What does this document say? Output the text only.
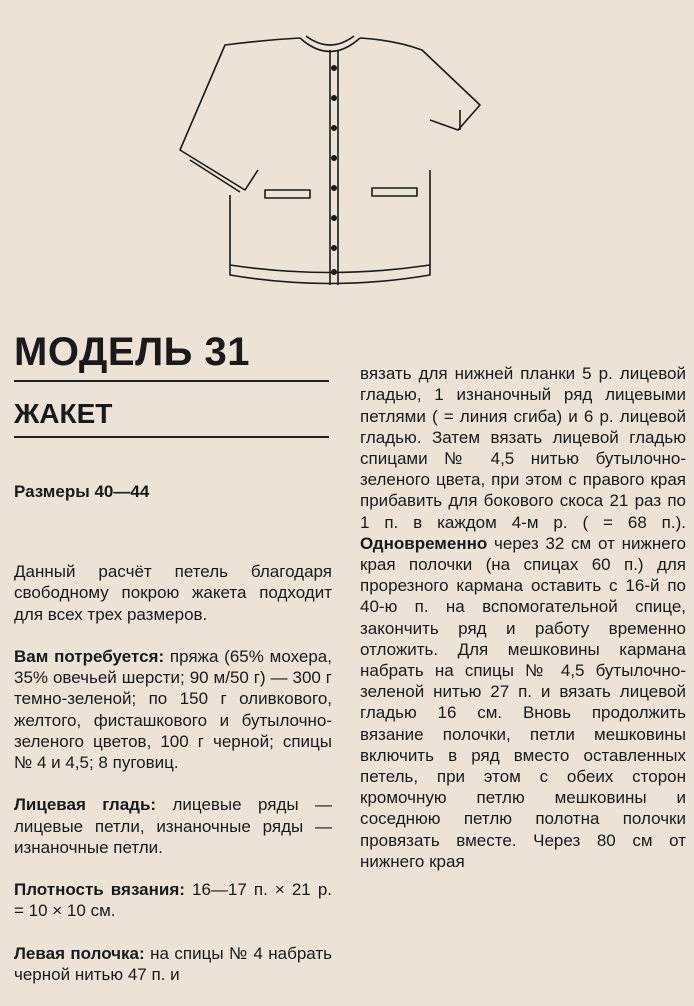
МОДЕЛЬ 31
ЖАКЕТ
Размеры 40—44

Данный расчёт петель благодаря свободному покрою жакета подходит для всех трех размеров.

Вам потребуется: пряжа (65% мохера, 35% овечьей шерсти; 90 м/50 г) — 300 г темно-зеленой; по 150 г оливкового, желтого, фисташкового и бутылочно-зеленого цветов, 100 г черной; спицы № 4 и 4,5; 8 пуговиц.

Лицевая гладь: лицевые ряды — лицевые петли, изнаночные ряды — изнаночные петли.

Плотность вязания: 16—17 п. × 21 р. = 10 × 10 см.

Левая полочка: на спицы № 4 набрать черной нитью 47 п. и

вязать для нижней планки 5 р. лицевой гладью, 1 изнаночный ряд лицевыми петлями ( = линия сгиба) и 6 р. лицевой гладью. Затем вязать лицевой гладью спицами № 4,5 нитью бутылочно-зеленого цвета, при этом с правого края прибавить для бокового скоса 21 раз по 1 п. в каждом 4-м р. ( = 68 п.). Одновременно через 32 см от нижнего края полочки (на спицах 60 п.) для прорезного кармана оставить с 16-й по 40-ю п. на вспомогательной спице, закончить ряд и работу временно отложить. Для мешковины кармана набрать на спицы № 4,5 бутылочно-зеленой нитью 27 п. и вязать лицевой гладью 16 см. Вновь продолжить вязание полочки, петли мешковины включить в ряд вместо оставленных петель, при этом с обеих сторон кромочную петлю мешковины и соседнюю петлю полотна полочки провязать вместе. Через 80 см от нижнего края
